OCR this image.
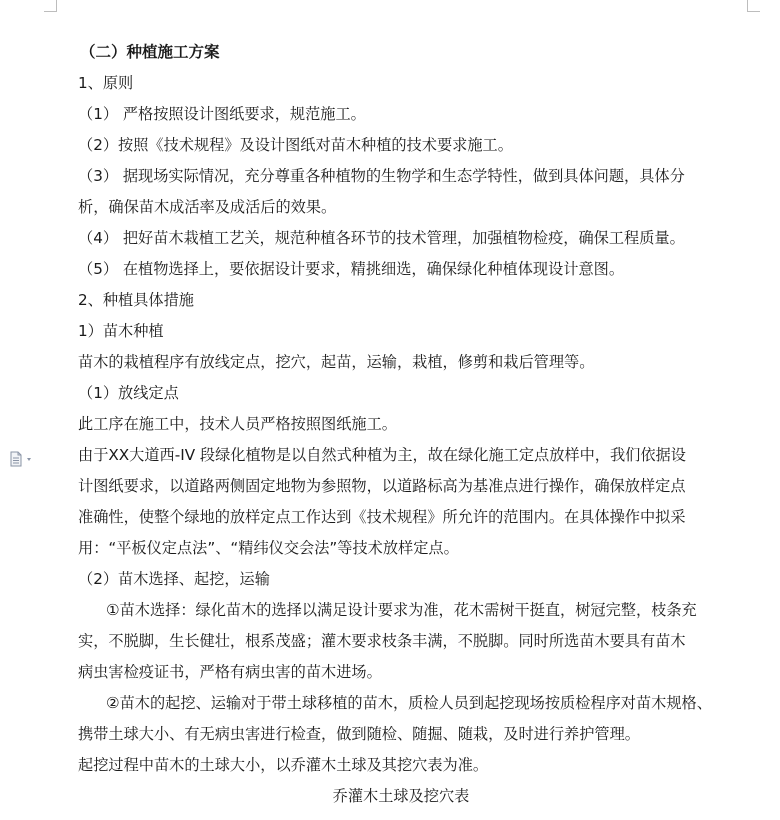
（二）种植施工方案
1、原则
（1） 严格按照设计图纸要求，规范施工。
（2）按照《技术规程》及设计图纸对苗木种植的技术要求施工。
（3） 据现场实际情况，充分尊重各种植物的生物学和生态学特性，做到具体问题，具体分
析，确保苗木成活率及成活后的效果。
（4） 把好苗木栽植工艺关，规范种植各环节的技术管理，加强植物检疫，确保工程质量。
（5） 在植物选择上，要依据设计要求，精挑细选，确保绿化种植体现设计意图。
2、种植具体措施
1）苗木种植
苗木的栽植程序有放线定点，挖穴，起苗，运输，栽植，修剪和栽后管理等。
（1）放线定点
此工序在施工中，技术人员严格按照图纸施工。
由于XX大道西-IV 段绿化植物是以自然式种植为主，故在绿化施工定点放样中，我们依据设
计图纸要求，以道路两侧固定地物为参照物，以道路标高为基准点进行操作，确保放样定点
准确性，使整个绿地的放样定点工作达到《技术规程》所允许的范围内。在具体操作中拟采
用：“平板仪定点法”、“精纬仪交会法”等技术放样定点。
（2）苗木选择、起挖，运输
①苗木选择：绿化苗木的选择以满足设计要求为准，花木需树干挺直，树冠完整，枝条充
实，不脱脚，生长健壮，根系茂盛；灌木要求枝条丰满，不脱脚。同时所选苗木要具有苗木
病虫害检疫证书，严格有病虫害的苗木进场。
②苗木的起挖、运输对于带土球移植的苗木，质检人员到起挖现场按质检程序对苗木规格、
携带土球大小、有无病虫害进行检查，做到随检、随掘、随栽，及时进行养护管理。
起挖过程中苗木的土球大小，以乔灌木土球及其挖穴表为准。
乔灌木土球及挖穴表
